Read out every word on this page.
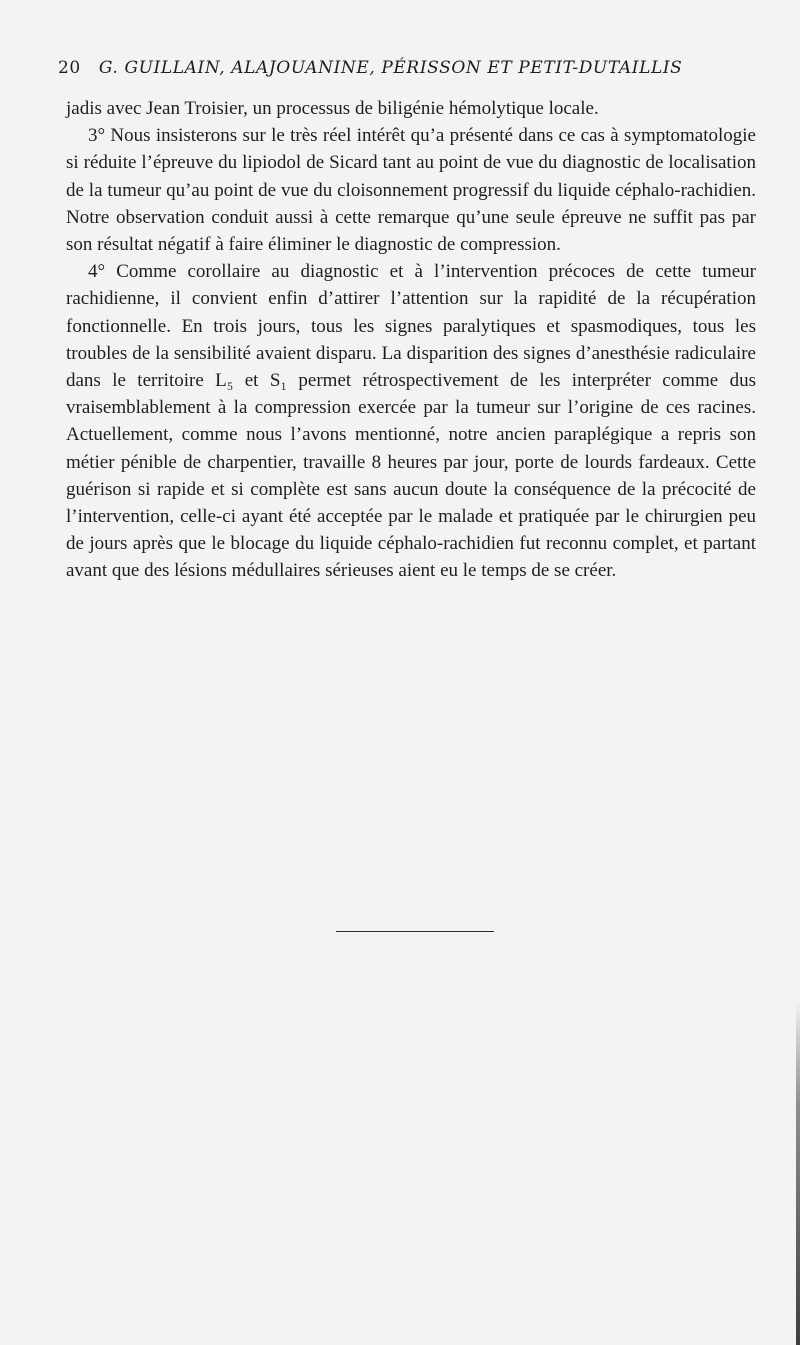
20 G. GUILLAIN, ALAJOUANINE, PÉRISSON ET PETIT-DUTAILLIS

jadis avec Jean Troisier, un processus de biligénie hémolytique locale.

3° Nous insisterons sur le très réel intérêt qu’a présenté dans ce cas à symptomatologie si réduite l’épreuve du lipiodol de Sicard tant au point de vue du diagnostic de localisation de la tumeur qu’au point de vue du cloisonnement progressif du liquide céphalo-rachidien. Notre observation conduit aussi à cette remarque qu’une seule épreuve ne suffit pas par son résultat négatif à faire éliminer le diagnostic de compression.

4° Comme corollaire au diagnostic et à l’intervention précoces de cette tumeur rachidienne, il convient enfin d’attirer l’attention sur la rapidité de la récupération fonctionnelle. En trois jours, tous les signes paralytiques et spasmodiques, tous les troubles de la sensibilité avaient disparu. La disparition des signes d’anesthésie radiculaire dans le territoire L₅ et S₁ permet rétrospectivement de les interpréter comme dus vraisemblablement à la compression exercée par la tumeur sur l’origine de ces racines. Actuellement, comme nous l’avons mentionné, notre ancien paraplégique a repris son métier pénible de charpentier, travaille 8 heures par jour, porte de lourds fardeaux. Cette guérison si rapide et si complète est sans aucun doute la conséquence de la précocité de l’intervention, celle-ci ayant été acceptée par le malade et pratiquée par le chirurgien peu de jours après que le blocage du liquide céphalo-rachidien fut reconnu complet, et partant avant que des lésions médullaires sérieuses aient eu le temps de se créer.
